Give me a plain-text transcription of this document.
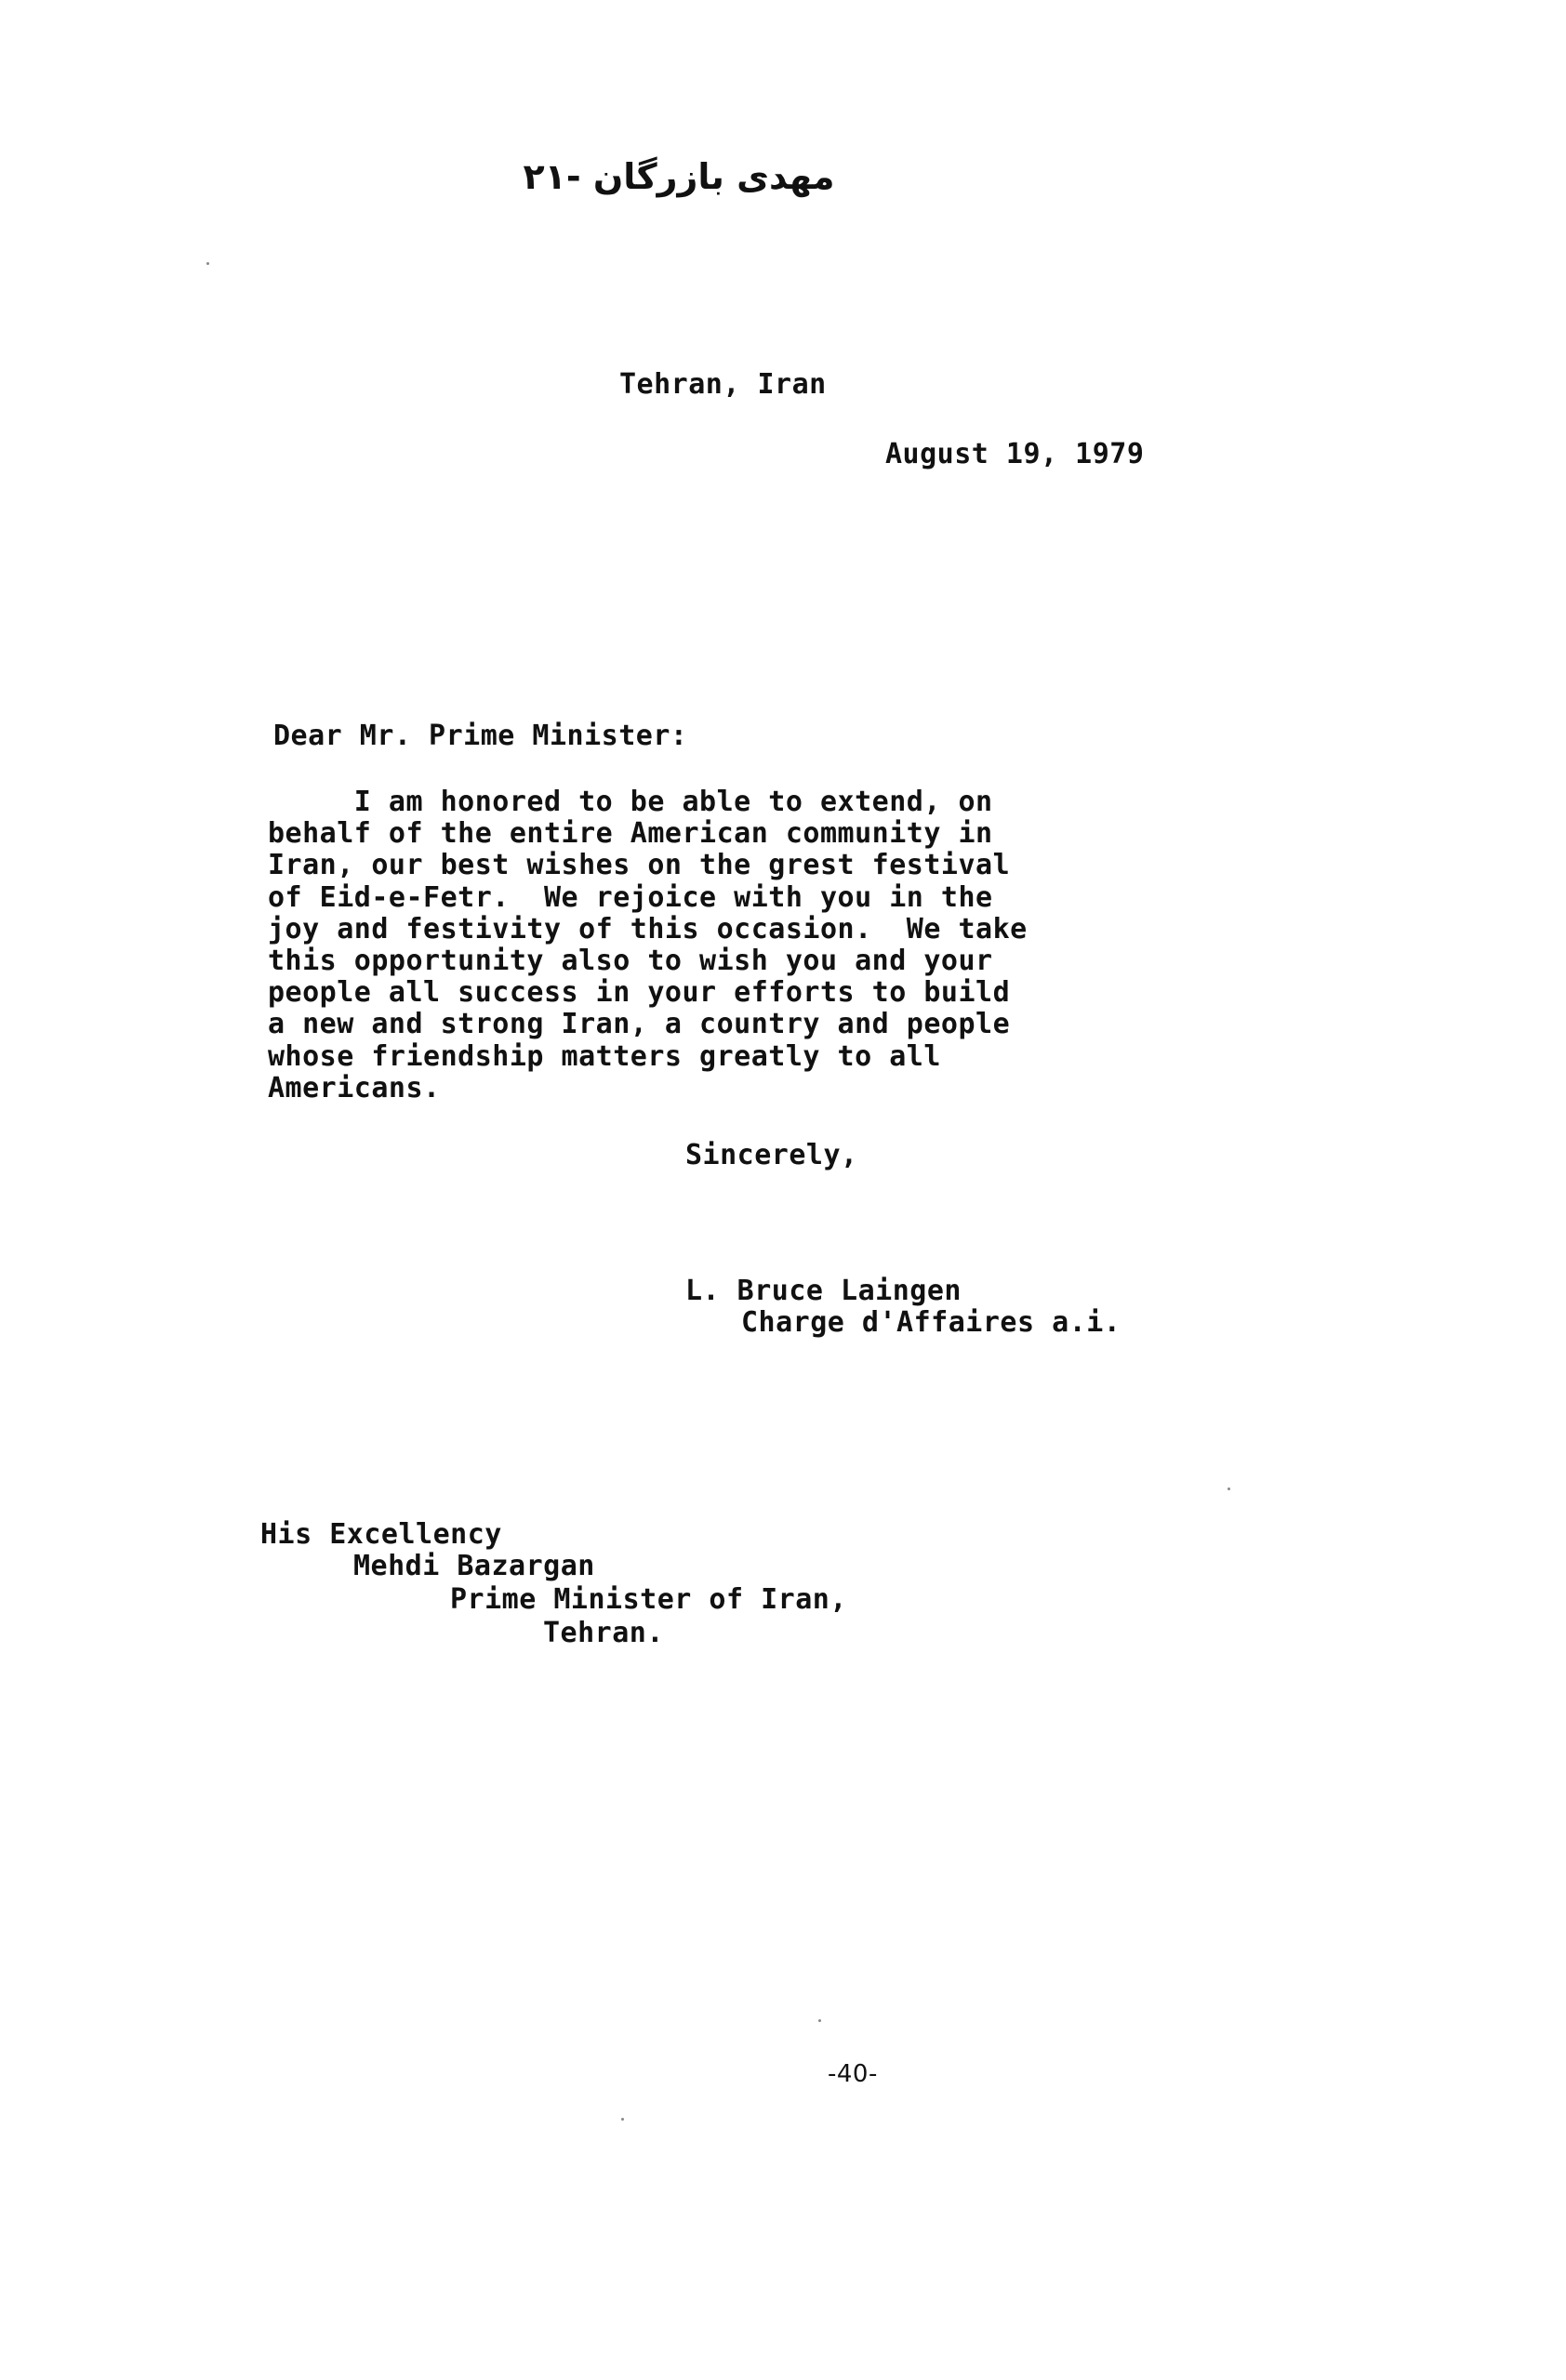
مهدی بازرگان -۲۱
Tehran, Iran
August 19, 1979
Dear Mr. Prime Minister:
I am honored to be able to extend, on
behalf of the entire American community in
Iran, our best wishes on the grest festival
of Eid-e-Fetr.  We rejoice with you in the
joy and festivity of this occasion.  We take
this opportunity also to wish you and your
people all success in your efforts to build
a new and strong Iran, a country and people
whose friendship matters greatly to all
Americans.
Sincerely,
L. Bruce Laingen
Charge d'Affaires a.i.
His Excellency
Mehdi Bazargan
Prime Minister of Iran,
Tehran.
-40-
